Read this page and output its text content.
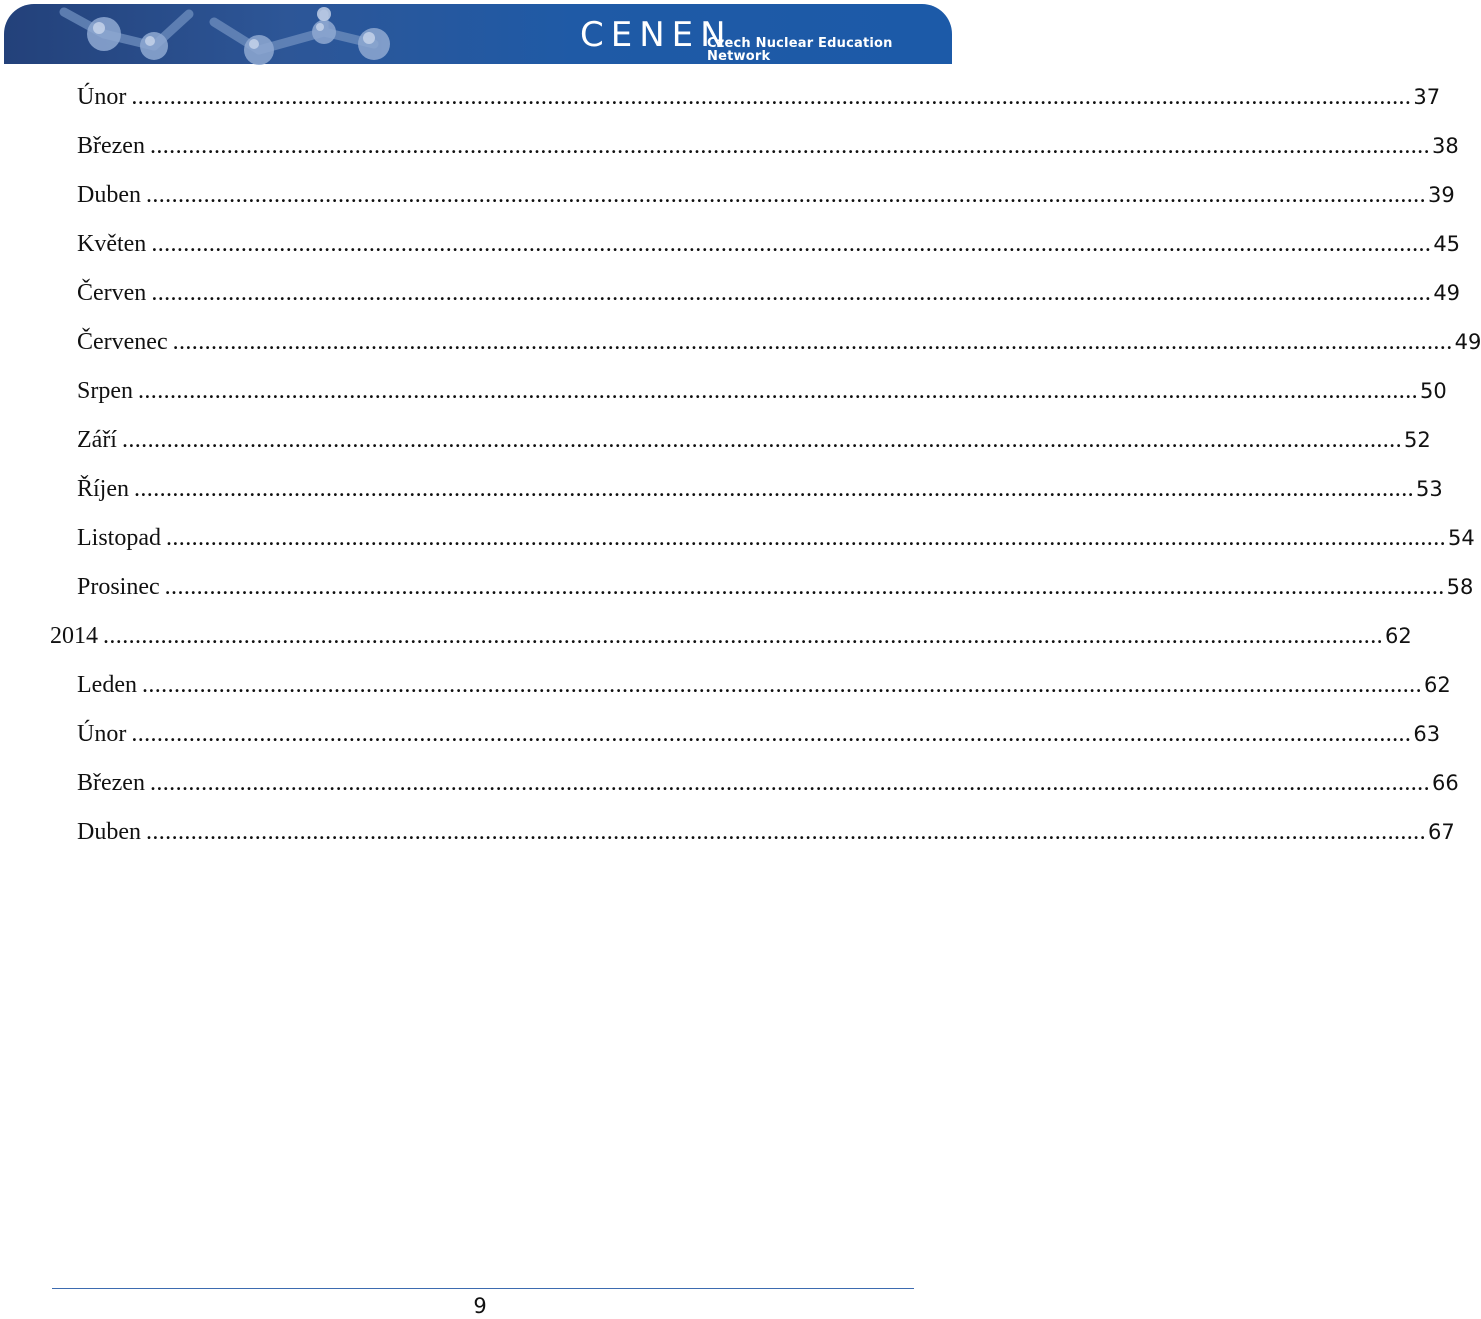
CENEN
Czech Nuclear Education Network
Únor ........................................................................................................................................................................................................ 37
Březen ........................................................................................................................................................................................................ 38
Duben ........................................................................................................................................................................................................ 39
Květen ........................................................................................................................................................................................................ 45
Červen ........................................................................................................................................................................................................ 49
Červenec ........................................................................................................................................................................................................ 49
Srpen ........................................................................................................................................................................................................ 50
Září ........................................................................................................................................................................................................ 52
Říjen ........................................................................................................................................................................................................ 53
Listopad ........................................................................................................................................................................................................ 54
Prosinec ........................................................................................................................................................................................................ 58
2014 ........................................................................................................................................................................................................ 62
Leden ........................................................................................................................................................................................................ 62
Únor ........................................................................................................................................................................................................ 63
Březen ........................................................................................................................................................................................................ 66
Duben ........................................................................................................................................................................................................ 67
9
